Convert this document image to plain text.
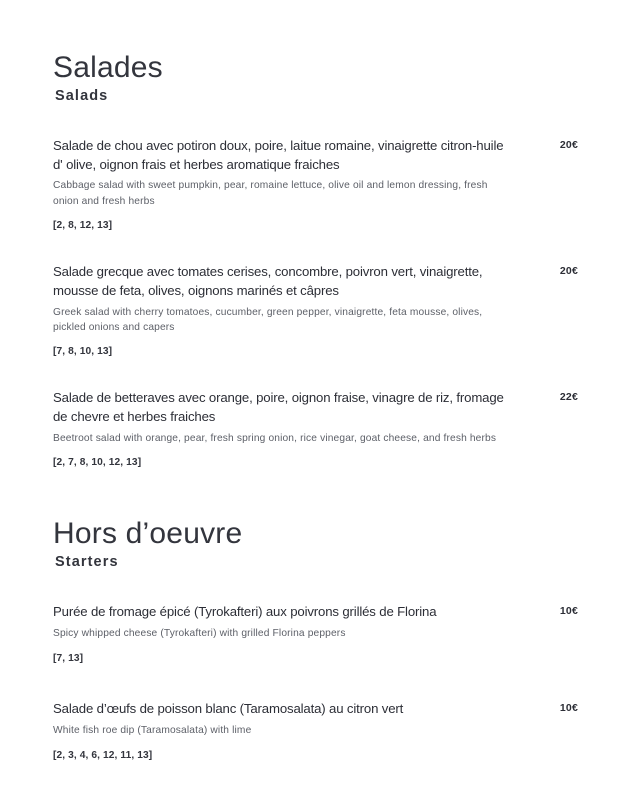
Salades
Salads
Salade de chou avec potiron doux, poire, laitue romaine, vinaigrette citron-huile d' olive, oignon frais et herbes aromatique fraiches
20€
Cabbage salad with sweet pumpkin, pear, romaine lettuce, olive oil and lemon dressing, fresh onion and fresh herbs
[2, 8, 12, 13]
Salade grecque avec tomates cerises, concombre, poivron vert, vinaigrette, mousse de feta, olives, oignons marinés et câpres
20€
Greek salad with cherry tomatoes, cucumber, green pepper, vinaigrette, feta mousse, olives, pickled onions and capers
[7, 8, 10, 13]
Salade de betteraves avec orange, poire, oignon fraise, vinagre de riz, fromage de chevre et herbes fraiches
22€
Beetroot salad with orange, pear, fresh spring onion, rice vinegar, goat cheese, and fresh herbs
[2, 7, 8, 10, 12, 13]
Hors d’oeuvre
Starters
Purée de fromage épicé (Tyrokafteri) aux poivrons grillés de Florina	10€
Spicy whipped cheese (Tyrokafteri) with grilled Florina peppers
[7, 13]
Salade d’œufs de poisson blanc (Taramosalata) au citron vert	10€
White fish roe dip (Taramosalata) with lime
[2, 3, 4, 6, 12, 11, 13]
